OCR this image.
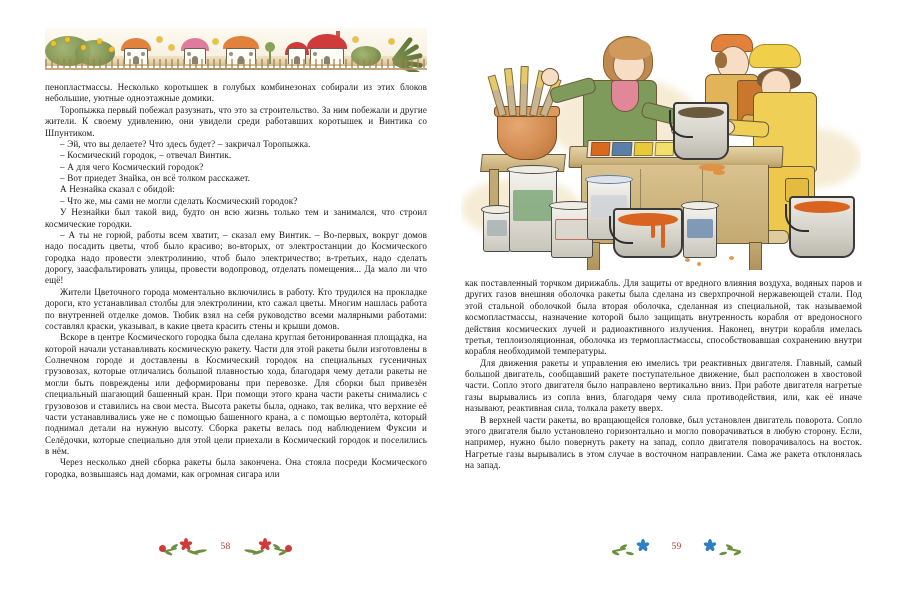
пенопластмассы. Несколько коротышек в голубых комбинезонах собирали из этих блоков небольшие, уютные одноэтажные домики.

Торопыжка первый побежал разузнать, что это за строительство. За ним побежали и другие жители. К своему удивлению, они увидели среди работавших коротышек и Винтика со Шпунтиком.

– Эй, что вы делаете? Что здесь будет? – закричал Торопыжка.

– Космический городок, – отвечал Винтик.

– А для чего Космический городок?

– Вот приедет Знайка, он всё толком расскажет.

А Незнайка сказал с обидой:

– Что же, мы сами не могли сделать Космический городок?

У Незнайки был такой вид, будто он всю жизнь только тем и занимался, что строил космические городки.

– А ты не горюй, работы всем хватит, – сказал ему Винтик. – Во-первых, вокруг домов надо посадить цветы, чтоб было красиво; во-вторых, от электростанции до Космического городка надо провести электролинию, чтоб было электричество; в-третьих, надо сделать дорогу, заасфальтировать улицы, провести водопровод, отделать помещения... Да мало ли что ещё!

Жители Цветочного города моментально включились в работу. Кто трудился на прокладке дороги, кто устанавливал столбы для электролинии, кто сажал цветы. Многим нашлась работа по внутренней отделке домов. Тюбик взял на себя руководство всеми малярными работами: составлял краски, указывал, в какие цвета красить стены и крыши домов.

Вскоре в центре Космического городка была сделана круглая бетонированная площадка, на которой начали устанавливать космическую ракету. Части для этой ракеты были изготовлены в Солнечном городе и доставлены в Космический городок на специальных гусеничных грузовозах, которые отличались большой плавностью хода, благодаря чему детали ракеты не могли быть повреждены или деформированы при перевозке. Для сборки был привезён специальный шагающий башенный кран. При помощи этого крана части ракеты снимались с грузовозов и ставились на свои места. Высота ракеты была, однако, так велика, что верхние её части устанавливались уже не с помощью башенного крана, а с помощью вертолёта, который поднимал детали на нужную высоту. Сборка ракеты велась под наблюдением Фуксии и Селёдочки, которые специально для этой цели приехали в Космический городок и поселились в нём.

Через несколько дней сборка ракеты была закончена. Она стояла посреди Космического городка, возвышаясь над домами, как огромная сигара или

58

как поставленный торчком дирижабль. Для защиты от вредного влияния воздуха, водяных паров и других газов внешняя оболочка ракеты была сделана из сверхпрочной нержавеющей стали. Под этой стальной оболочкой была вторая оболочка, сделанная из специальной, так называемой космопластмассы, назначение которой было защищать внутренность корабля от вредоносного действия космических лучей и радиоактивного излучения. Наконец, внутри корабля имелась третья, теплоизоляционная, оболочка из термопластмассы, способствовавшая сохранению внутри корабля необходимой температуры.

Для движения ракеты и управления ею имелись три реактивных двигателя. Главный, самый большой двигатель, сообщавший ракете поступательное движение, был расположен в хвостовой части. Сопло этого двигателя было направлено вертикально вниз. При работе двигателя нагретые газы вырывались из сопла вниз, благодаря чему сила противодействия, или, как её иначе называют, реактивная сила, толкала ракету вверх.

В верхней части ракеты, во вращающейся головке, был установлен двигатель поворота. Сопло этого двигателя было установлено горизонтально и могло поворачиваться в любую сторону. Если, например, нужно было повернуть ракету на запад, сопло двигателя поворачивалось на восток. Нагретые газы вырывались в этом случае в восточном направлении. Сама же ракета отклонялась на запад.

59
